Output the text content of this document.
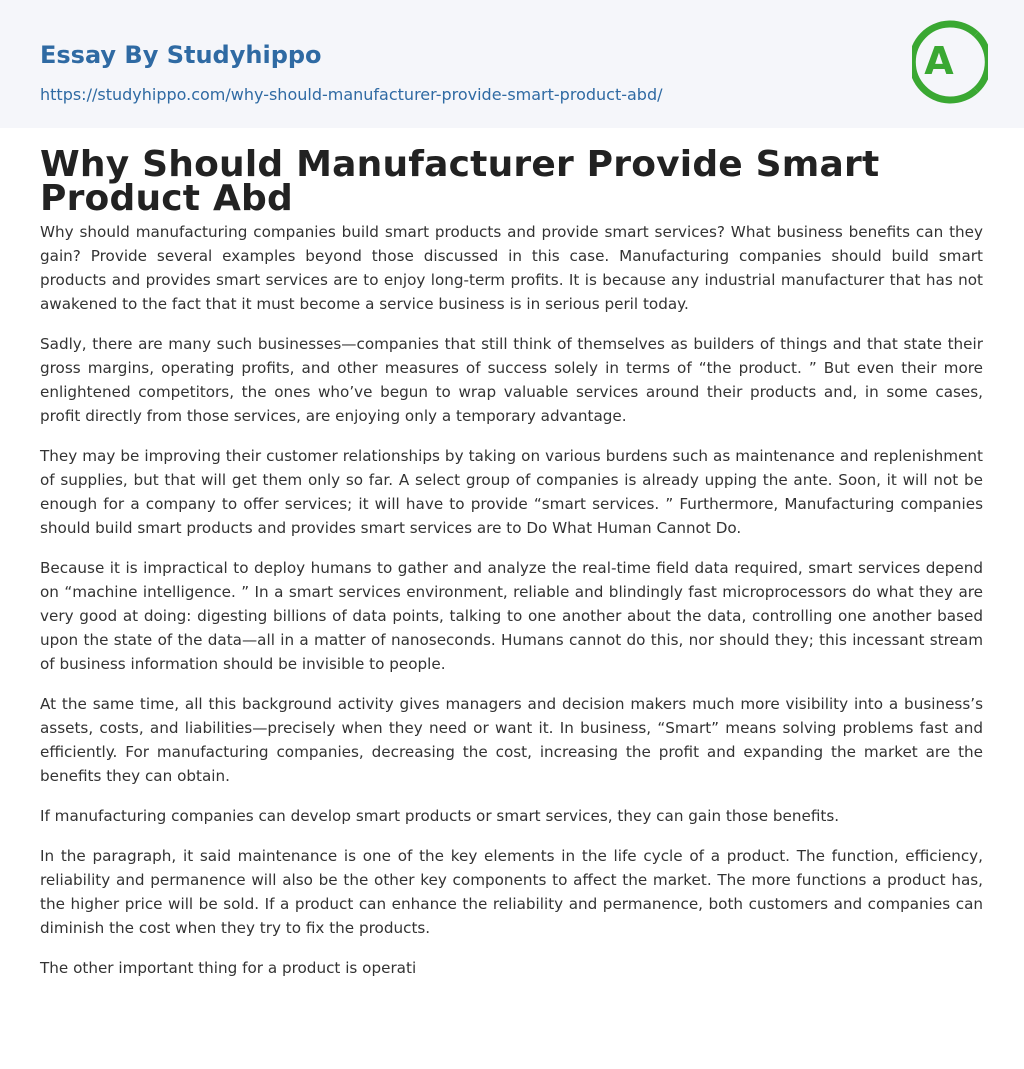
Essay By Studyhippo
https://studyhippo.com/why-should-manufacturer-provide-smart-product-abd/
A
Why Should Manufacturer Provide Smart Product Abd

Why should manufacturing companies build smart products and provide smart services? What business benefits can they gain? Provide several examples beyond those discussed in this case. Manufacturing companies should build smart products and provides smart services are to enjoy long-term profits. It is because any industrial manufacturer that has not awakened to the fact that it must become a service business is in serious peril today.

Sadly, there are many such businesses—companies that still think of themselves as builders of things and that state their gross margins, operating profits, and other measures of success solely in terms of “the product. ” But even their more enlightened competitors, the ones who’ve begun to wrap valuable services around their products and, in some cases, profit directly from those services, are enjoying only a temporary advantage.

They may be improving their customer relationships by taking on various burdens such as maintenance and replenishment of supplies, but that will get them only so far. A select group of companies is already upping the ante. Soon, it will not be enough for a company to offer services; it will have to provide “smart services. ” Furthermore, Manufacturing companies should build smart products and provides smart services are to Do What Human Cannot Do.

Because it is impractical to deploy humans to gather and analyze the real-time field data required, smart services depend on “machine intelligence. ” In a smart services environment, reliable and blindingly fast microprocessors do what they are very good at doing: digesting billions of data points, talking to one another about the data, controlling one another based upon the state of the data—all in a matter of nanoseconds. Humans cannot do this, nor should they; this incessant stream of business information should be invisible to people.

At the same time, all this background activity gives managers and decision makers much more visibility into a business’s assets, costs, and liabilities—precisely when they need or want it. In business, “Smart” means solving problems fast and efficiently. For manufacturing companies, decreasing the cost, increasing the profit and expanding the market are the benefits they can obtain.

If manufacturing companies can develop smart products or smart services, they can gain those benefits.

In the paragraph, it said maintenance is one of the key elements in the life cycle of a product. The function, efficiency, reliability and permanence will also be the other key components to affect the market. The more functions a product has, the higher price will be sold. If a product can enhance the reliability and permanence, both customers and companies can diminish the cost when they try to fix the products.

The other important thing for a product is operati
